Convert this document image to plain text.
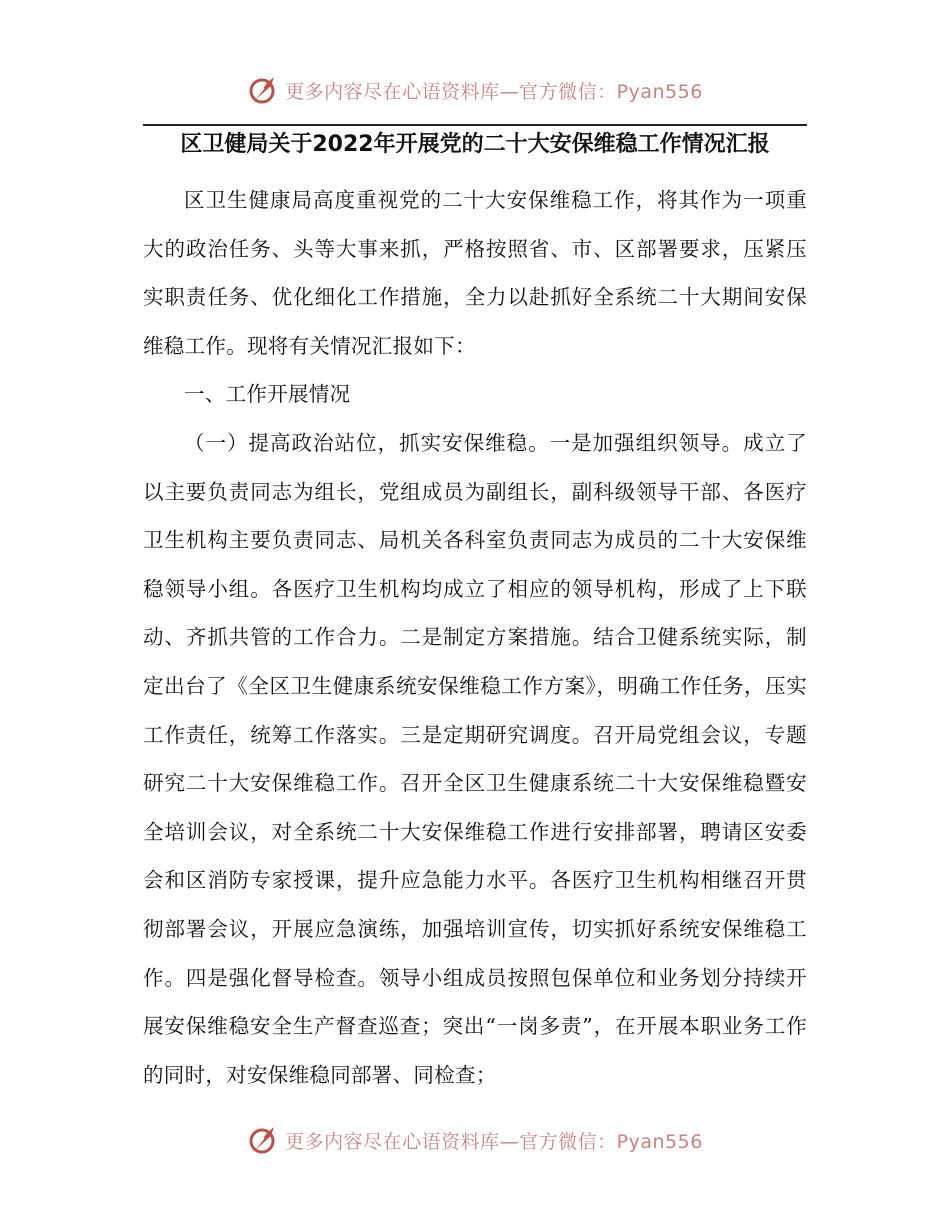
更多内容尽在心语资料库—官方微信：Pyan556
区卫健局关于2022年开展党的二十大安保维稳工作情况汇报

区卫生健康局高度重视党的二十大安保维稳工作，将其作为一项重大的政治任务、头等大事来抓，严格按照省、市、区部署要求，压紧压实职责任务、优化细化工作措施，全力以赴抓好全系统二十大期间安保维稳工作。现将有关情况汇报如下：

一、工作开展情况

（一）提高政治站位，抓实安保维稳。一是加强组织领导。成立了以主要负责同志为组长，党组成员为副组长，副科级领导干部、各医疗卫生机构主要负责同志、局机关各科室负责同志为成员的二十大安保维稳领导小组。各医疗卫生机构均成立了相应的领导机构，形成了上下联动、齐抓共管的工作合力。二是制定方案措施。结合卫健系统实际，制定出台了《全区卫生健康系统安保维稳工作方案》，明确工作任务，压实工作责任，统筹工作落实。三是定期研究调度。召开局党组会议，专题研究二十大安保维稳工作。召开全区卫生健康系统二十大安保维稳暨安全培训会议，对全系统二十大安保维稳工作进行安排部署，聘请区安委会和区消防专家授课，提升应急能力水平。各医疗卫生机构相继召开贯彻部署会议，开展应急演练，加强培训宣传，切实抓好系统安保维稳工作。四是强化督导检查。领导小组成员按照包保单位和业务划分持续开展安保维稳安全生产督查巡查；突出“一岗多责”，在开展本职业务工作的同时，对安保维稳同部署、同检查；

更多内容尽在心语资料库—官方微信：Pyan556
